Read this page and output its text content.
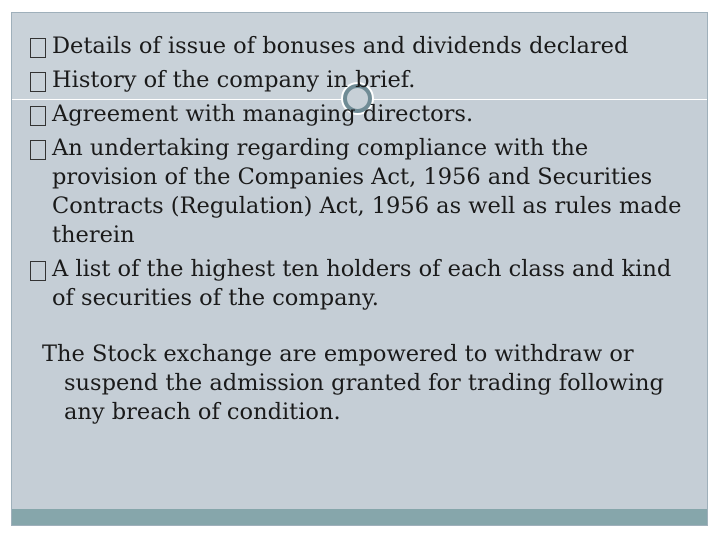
Details of issue of bonuses and dividends declared
History of the company in brief.
Agreement with managing directors.
An undertaking regarding compliance with the provision of the Companies Act, 1956 and Securities Contracts (Regulation) Act, 1956 as well as rules made therein
A list of the highest ten holders of each class and kind of securities of the company.
The Stock exchange are empowered to withdraw or suspend the admission granted for trading following any breach of condition.
